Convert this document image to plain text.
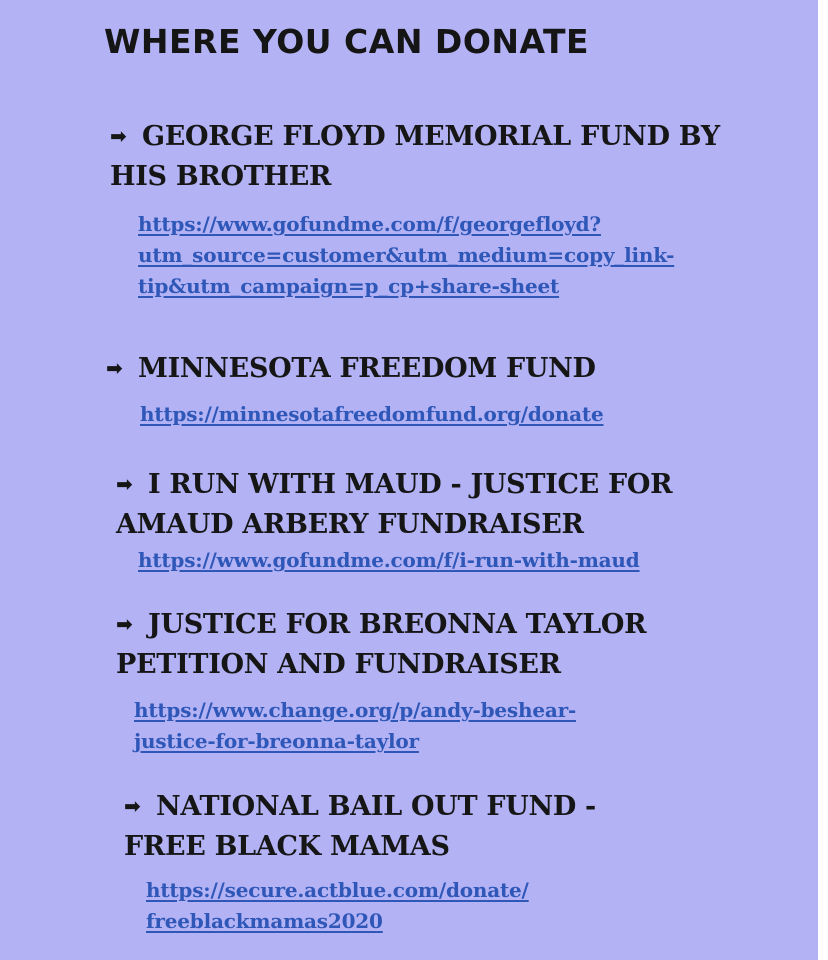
WHERE YOU CAN DONATE
➡ GEORGE FLOYD MEMORIAL FUND BY
HIS BROTHER
https://www.gofundme.com/f/georgefloyd?
utm_source=customer&utm_medium=copy_link-
tip&utm_campaign=p_cp+share-sheet
➡ MINNESOTA FREEDOM FUND
https://minnesotafreedomfund.org/donate
➡ I RUN WITH MAUD - JUSTICE FOR
AMAUD ARBERY FUNDRAISER
https://www.gofundme.com/f/i-run-with-maud
➡ JUSTICE FOR BREONNA TAYLOR
PETITION AND FUNDRAISER
https://www.change.org/p/andy-beshear-
justice-for-breonna-taylor
➡ NATIONAL BAIL OUT FUND -
FREE BLACK MAMAS
https://secure.actblue.com/donate/
freeblackmamas2020
